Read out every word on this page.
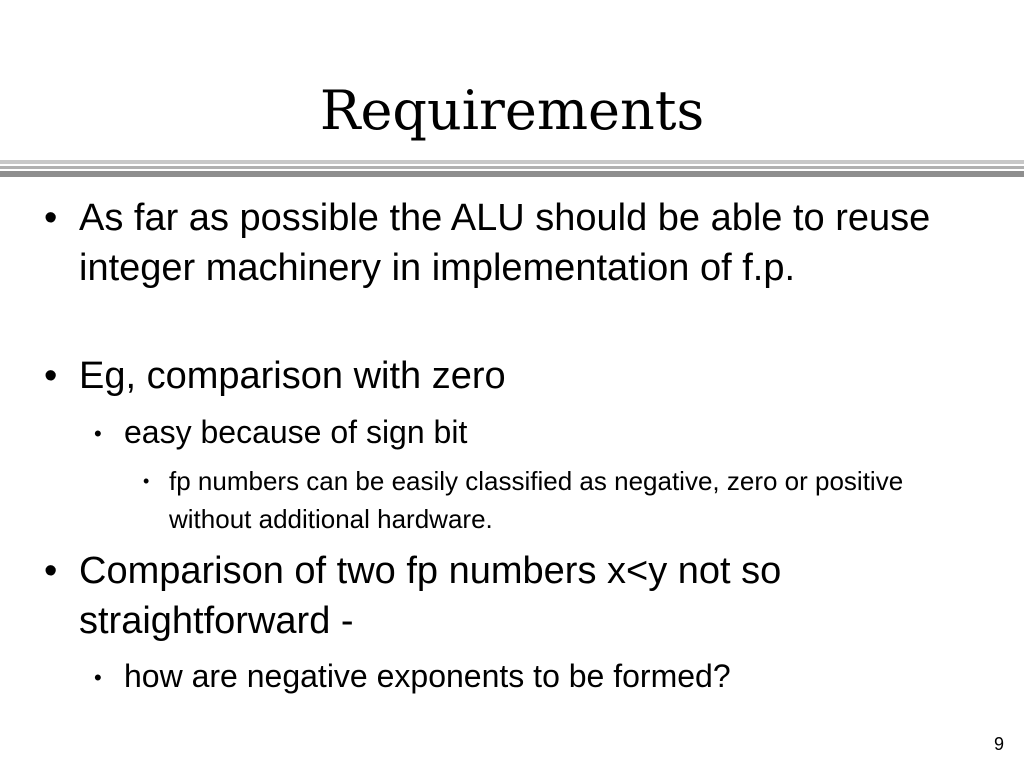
Requirements
• As far as possible the ALU should be able to reuse integer machinery in implementation of f.p.
• Eg, comparison with zero
• easy because of sign bit
• fp numbers can be easily classified as negative, zero or positive without additional hardware.
• Comparison of two fp numbers x<y not so straightforward -
• how are negative exponents to be formed?
9
